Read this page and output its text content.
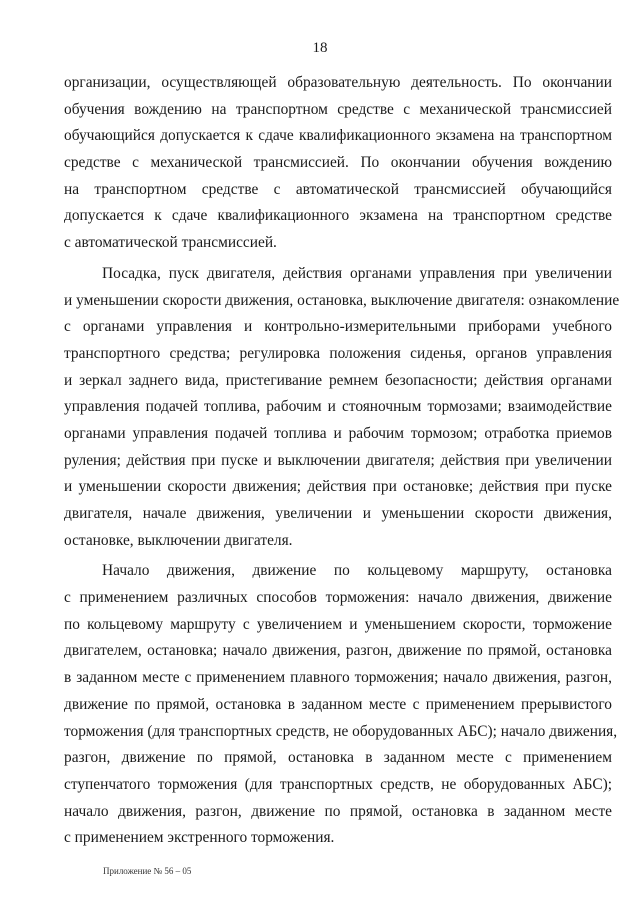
18
организации, осуществляющей образовательную деятельность. По окончании
обучения вождению на транспортном средстве с механической трансмиссией
обучающийся допускается к сдаче квалификационного экзамена на транспортном
средстве с механической трансмиссией. По окончании обучения вождению
на транспортном средстве с автоматической трансмиссией обучающийся
допускается к сдаче квалификационного экзамена на транспортном средстве
с автоматической трансмиссией.
Посадка, пуск двигателя, действия органами управления при увеличении
и уменьшении скорости движения, остановка, выключение двигателя: ознакомление
с органами управления и контрольно-измерительными приборами учебного
транспортного средства; регулировка положения сиденья, органов управления
и зеркал заднего вида, пристегивание ремнем безопасности; действия органами
управления подачей топлива, рабочим и стояночным тормозами; взаимодействие
органами управления подачей топлива и рабочим тормозом; отработка приемов
руления; действия при пуске и выключении двигателя; действия при увеличении
и уменьшении скорости движения; действия при остановке; действия при пуске
двигателя, начале движения, увеличении и уменьшении скорости движения,
остановке, выключении двигателя.
Начало движения, движение по кольцевому маршруту, остановка
с применением различных способов торможения: начало движения, движение
по кольцевому маршруту с увеличением и уменьшением скорости, торможение
двигателем, остановка; начало движения, разгон, движение по прямой, остановка
в заданном месте с применением плавного торможения; начало движения, разгон,
движение по прямой, остановка в заданном месте с применением прерывистого
торможения (для транспортных средств, не оборудованных АБС); начало движения,
разгон, движение по прямой, остановка в заданном месте с применением
ступенчатого торможения (для транспортных средств, не оборудованных АБС);
начало движения, разгон, движение по прямой, остановка в заданном месте
с применением экстренного торможения.
Приложение № 56 – 05
